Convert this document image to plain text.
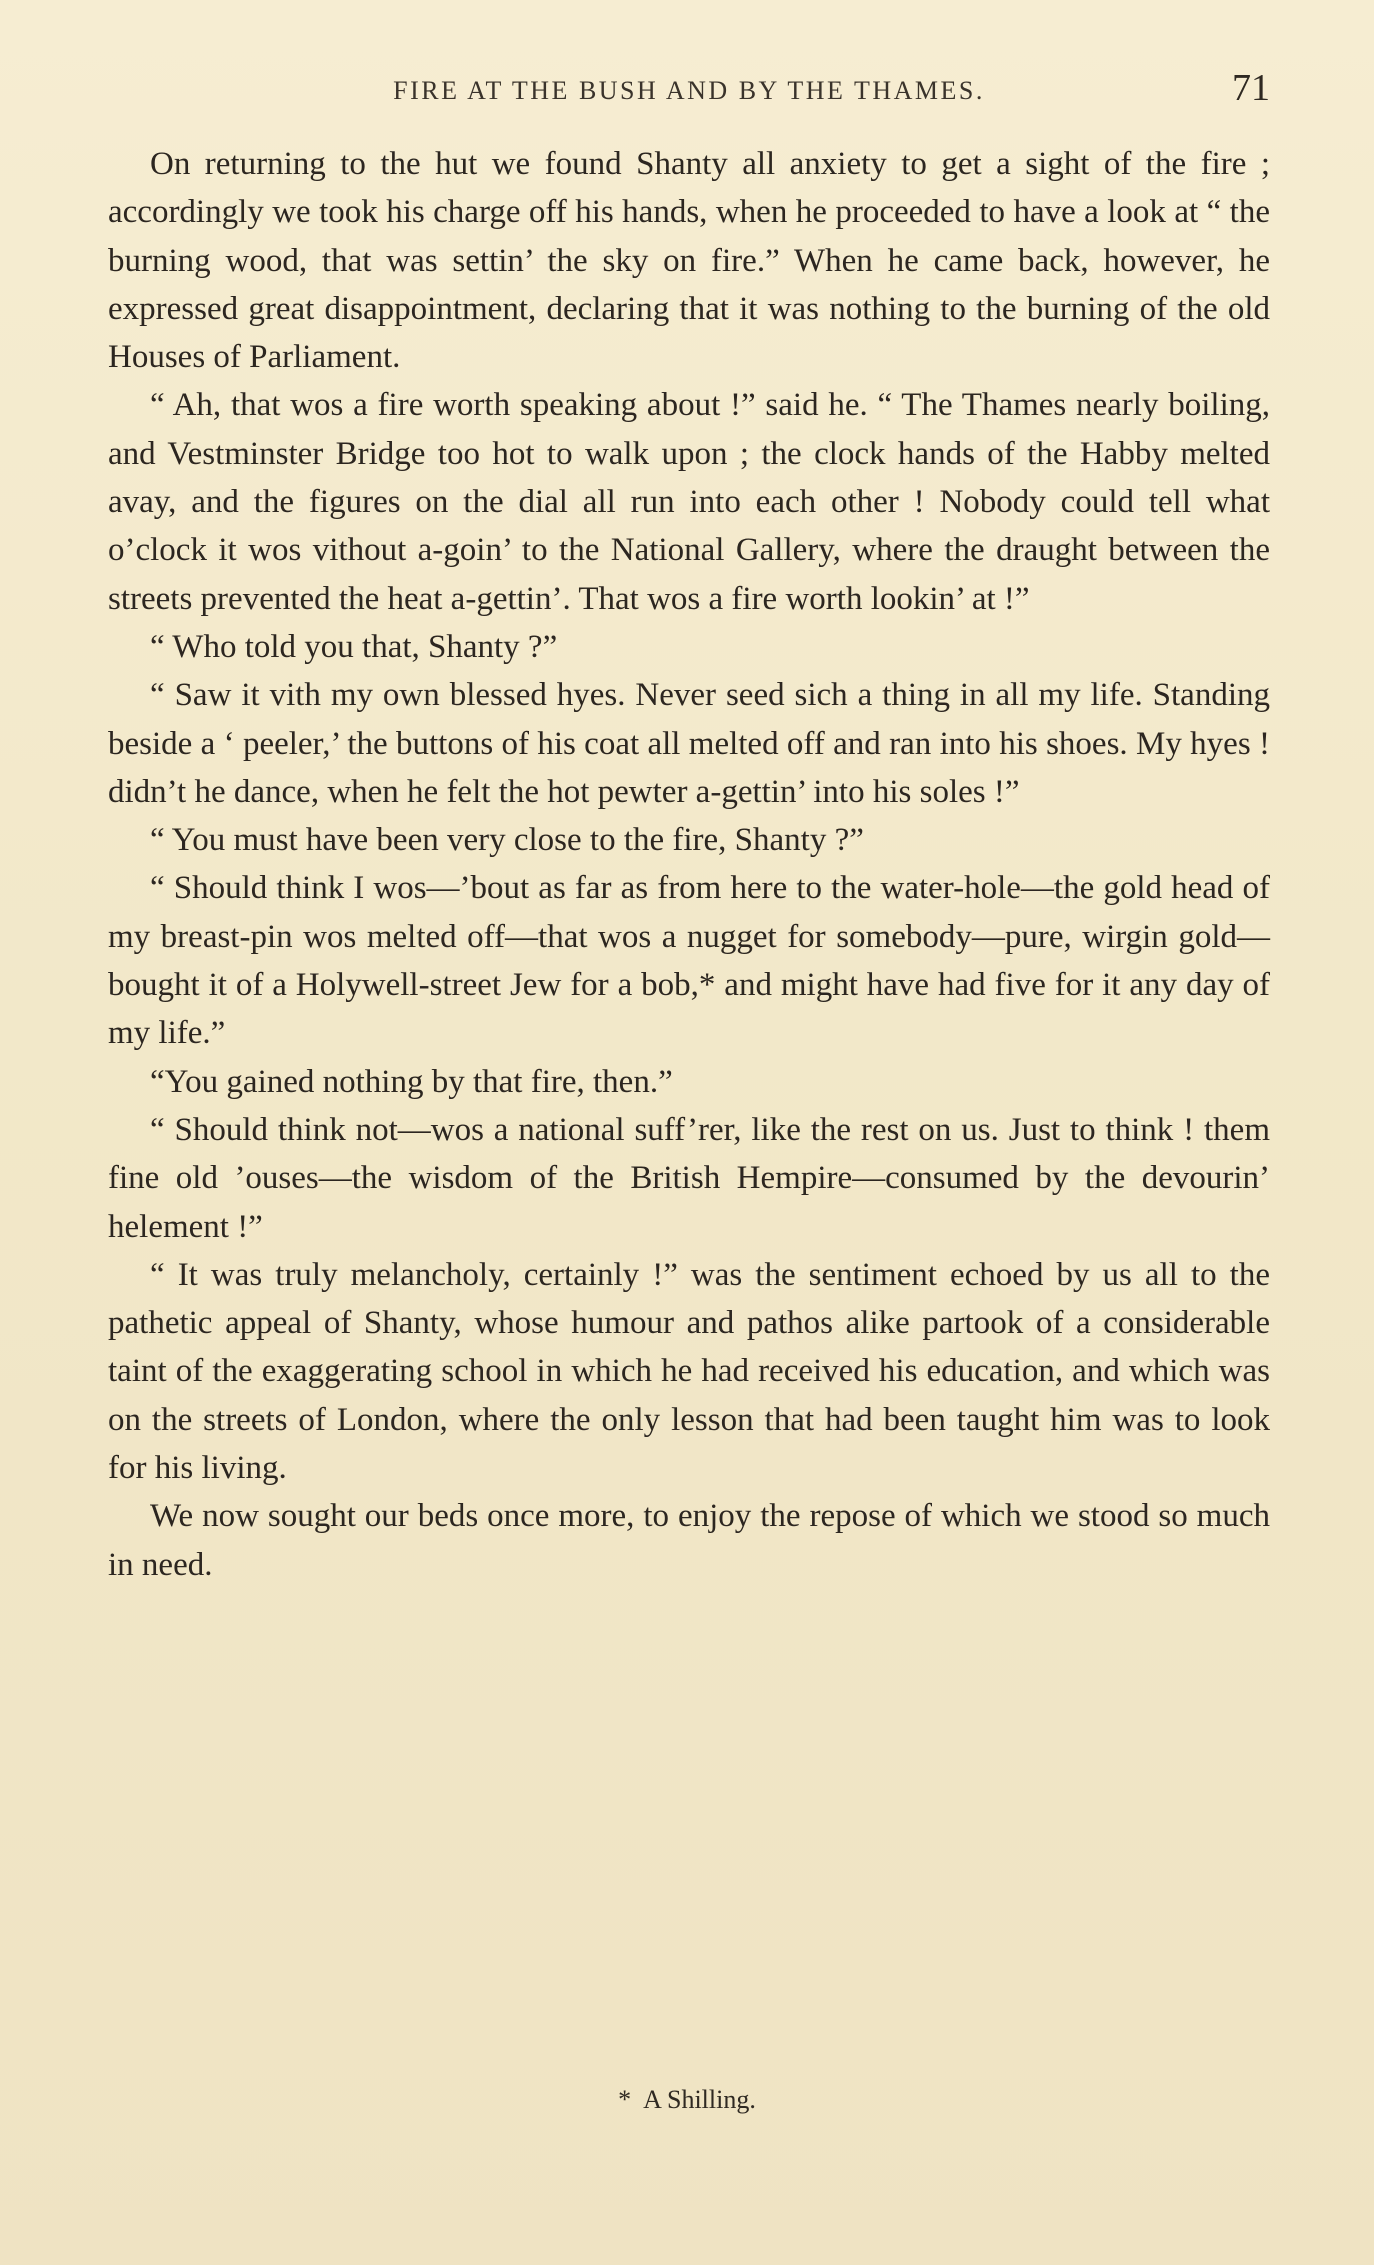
FIRE AT THE BUSH AND BY THE THAMES.	71

On returning to the hut we found Shanty all anxiety to get a sight of the fire ; accordingly we took his charge off his hands, when he proceeded to have a look at “ the burning wood, that was settin’ the sky on fire.” When he came back, however, he expressed great disappointment, declaring that it was nothing to the burning of the old Houses of Parliament.

“ Ah, that wos a fire worth speaking about !” said he. “ The Thames nearly boiling, and Vestminster Bridge too hot to walk upon ; the clock hands of the Habby melted avay, and the figures on the dial all run into each other ! Nobody could tell what o’clock it wos vithout a-goin’ to the National Gallery, where the draught between the streets prevented the heat a-gettin’. That wos a fire worth lookin’ at !”

“ Who told you that, Shanty ?”

“ Saw it vith my own blessed hyes. Never seed sich a thing in all my life. Standing beside a ‘ peeler,’ the buttons of his coat all melted off and ran into his shoes. My hyes ! didn’t he dance, when he felt the hot pewter a-gettin’ into his soles !”

“ You must have been very close to the fire, Shanty ?”

“ Should think I wos—’bout as far as from here to the water-hole—the gold head of my breast-pin wos melted off—that wos a nugget for somebody—pure, wirgin gold—bought it of a Holywell-street Jew for a bob,* and might have had five for it any day of my life.”

“You gained nothing by that fire, then.”

“ Should think not—wos a national suff’rer, like the rest on us. Just to think ! them fine old ’ouses—the wisdom of the British Hempire—consumed by the devourin’ helement !”

“ It was truly melancholy, certainly !” was the sentiment echoed by us all to the pathetic appeal of Shanty, whose humour and pathos alike partook of a considerable taint of the exaggerating school in which he had received his education, and which was on the streets of London, where the only lesson that had been taught him was to look for his living.

We now sought our beds once more, to enjoy the repose of which we stood so much in need.

* A Shilling.
